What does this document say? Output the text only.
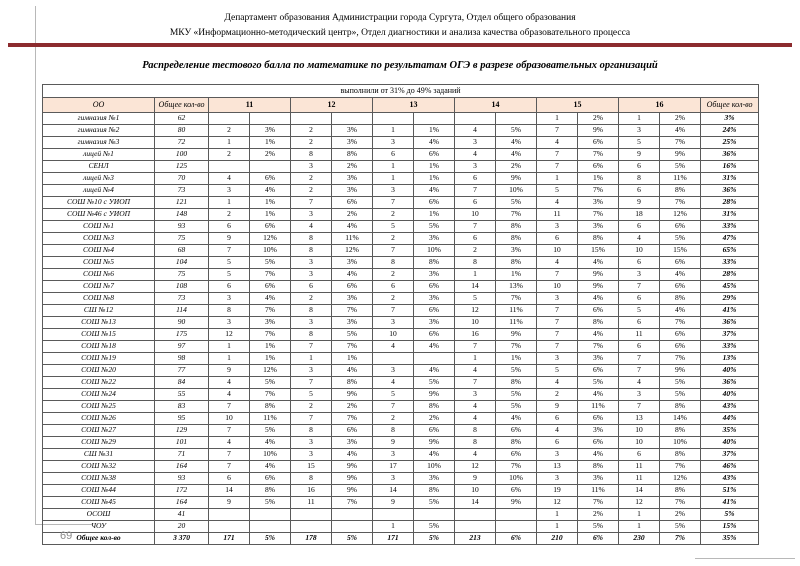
Департамент образования Администрации города Сургута, Отдел общего образования
МКУ «Информационно-методический центр», Отдел диагностики и анализа качества образовательного процесса
Распределение тестового балла по математике по результатам ОГЭ в разрезе образовательных организаций
выполнили от 31% до 49% заданий														
ОО	Общее кол-во	11		12		13		14		15		16		Общее кол-во
гимназия №1	62									1	2%	1	2%	3%
гимназия №2	80	2	3%	2	3%	1	1%	4	5%	7	9%	3	4%	24%
гимназия №3	72	1	1%	2	3%	3	4%	3	4%	4	6%	5	7%	25%
лицей №1	100	2	2%	8	8%	6	6%	4	4%	7	7%	9	9%	36%
СЕНЛ	125			3	2%	1	1%	3	2%	7	6%	6	5%	16%
лицей №3	70	4	6%	2	3%	1	1%	6	9%	1	1%	8	11%	31%
лицей №4	73	3	4%	2	3%	3	4%	7	10%	5	7%	6	8%	36%
СОШ №10 с УИОП	121	1	1%	7	6%	7	6%	6	5%	4	3%	9	7%	28%
СОШ №46 с УИОП	148	2	1%	3	2%	2	1%	10	7%	11	7%	18	12%	31%
СОШ №1	93	6	6%	4	4%	5	5%	7	8%	3	3%	6	6%	33%
СОШ №3	75	9	12%	8	11%	2	3%	6	8%	6	8%	4	5%	47%
СОШ №4	68	7	10%	8	12%	7	10%	2	3%	10	15%	10	15%	65%
СОШ №5	104	5	5%	3	3%	8	8%	8	8%	4	4%	6	6%	33%
СОШ №6	75	5	7%	3	4%	2	3%	1	1%	7	9%	3	4%	28%
СОШ №7	108	6	6%	6	6%	6	6%	14	13%	10	9%	7	6%	45%
СОШ №8	73	3	4%	2	3%	2	3%	5	7%	3	4%	6	8%	29%
СШ №12	114	8	7%	8	7%	7	6%	12	11%	7	6%	5	4%	41%
СОШ №13	90	3	3%	3	3%	3	3%	10	11%	7	8%	6	7%	36%
СОШ №15	175	12	7%	8	5%	10	6%	16	9%	7	4%	11	6%	37%
СОШ №18	97	1	1%	7	7%	4	4%	7	7%	7	7%	6	6%	33%
СОШ №19	98	1	1%	1	1%			1	1%	3	3%	7	7%	13%
СОШ №20	77	9	12%	3	4%	3	4%	4	5%	5	6%	7	9%	40%
СОШ №22	84	4	5%	7	8%	4	5%	7	8%	4	5%	4	5%	36%
СОШ №24	55	4	7%	5	9%	5	9%	3	5%	2	4%	3	5%	40%
СОШ №25	83	7	8%	2	2%	7	8%	4	5%	9	11%	7	8%	43%
СОШ №26	95	10	11%	7	7%	2	2%	4	4%	6	6%	13	14%	44%
СОШ №27	129	7	5%	8	6%	8	6%	8	6%	4	3%	10	8%	35%
СОШ №29	101	4	4%	3	3%	9	9%	8	8%	6	6%	10	10%	40%
СШ №31	71	7	10%	3	4%	3	4%	4	6%	3	4%	6	8%	37%
СОШ №32	164	7	4%	15	9%	17	10%	12	7%	13	8%	11	7%	46%
СОШ №38	93	6	6%	8	9%	3	3%	9	10%	3	3%	11	12%	43%
СОШ №44	172	14	8%	16	9%	14	8%	10	6%	19	11%	14	8%	51%
СОШ №45	164	9	5%	11	7%	9	5%	14	9%	12	7%	12	7%	41%
ОСОШ	41									1	2%	1	2%	5%
ЧОУ	20					1	5%			1	5%	1	5%	15%
Общее кол-во	3 370	171	5%	178	5%	171	5%	213	6%	210	6%	230	7%	35%
69
